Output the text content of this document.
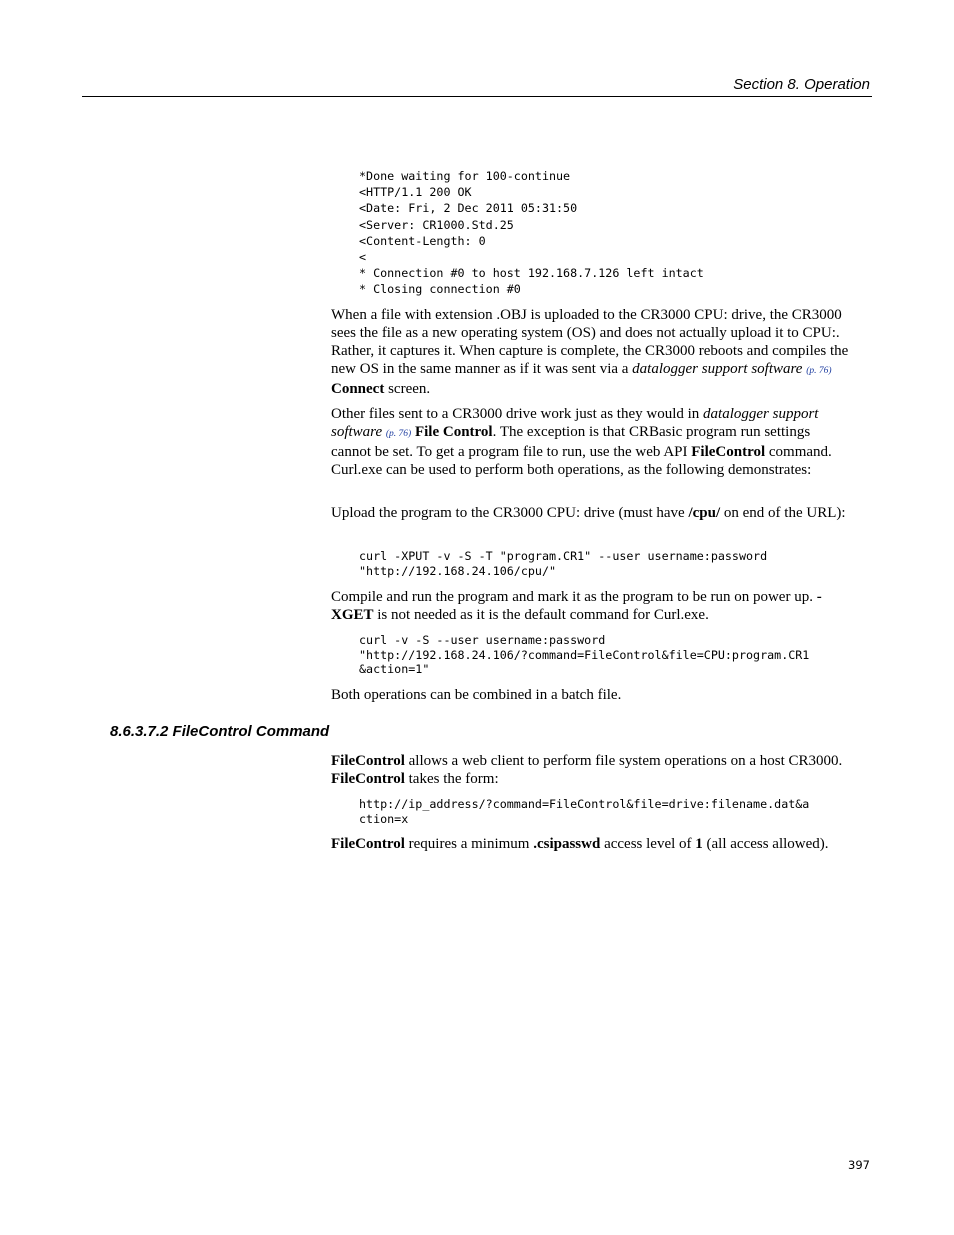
Section 8. Operation
*Done waiting for 100-continue
<HTTP/1.1 200 OK
<Date: Fri, 2 Dec 2011 05:31:50
<Server: CR1000.Std.25
<Content-Length: 0
<
* Connection #0 to host 192.168.7.126 left intact
* Closing connection #0

When a file with extension .OBJ is uploaded to the CR3000 CPU: drive, the CR3000 sees the file as a new operating system (OS) and does not actually upload it to CPU:. Rather, it captures it. When capture is complete, the CR3000 reboots and compiles the new OS in the same manner as if it was sent via a datalogger support software (p. 76) Connect screen.

Other files sent to a CR3000 drive work just as they would in datalogger support software (p. 76) File Control. The exception is that CRBasic program run settings cannot be set. To get a program file to run, use the web API FileControl command. Curl.exe can be used to perform both operations, as the following demonstrates:

Upload the program to the CR3000 CPU: drive (must have /cpu/ on end of the URL):

curl -XPUT -v -S -T "program.CR1" --user username:password
"http://192.168.24.106/cpu/"

Compile and run the program and mark it as the program to be run on power up. -XGET is not needed as it is the default command for Curl.exe.

curl -v -S --user username:password
"http://192.168.24.106/?command=FileControl&file=CPU:program.CR1
&action=1"

Both operations can be combined in a batch file.

8.6.3.7.2 FileControl Command

FileControl allows a web client to perform file system operations on a host CR3000. FileControl takes the form:

http://ip_address/?command=FileControl&file=drive:filename.dat&a
ction=x

FileControl requires a minimum .csipasswd access level of 1 (all access allowed).

397
